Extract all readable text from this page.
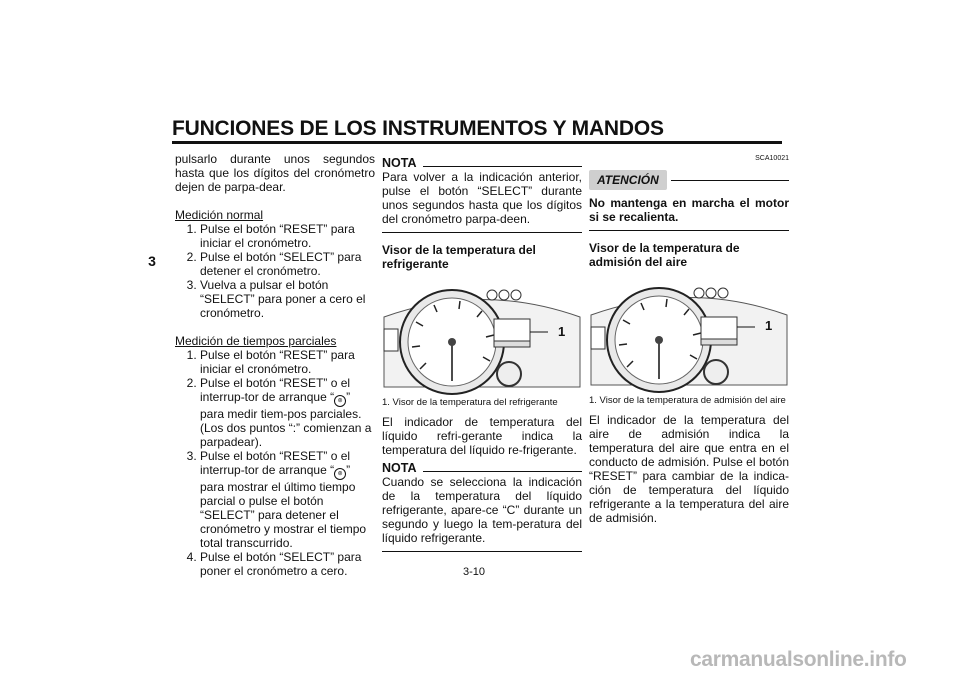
FUNCIONES DE LOS INSTRUMENTOS Y MANDOS
3

pulsarlo durante unos segundos hasta que los dígitos del cronómetro dejen de parpa-dear.

Medición normal

1. Pulse el botón “RESET” para iniciar el cronómetro.
2. Pulse el botón “SELECT” para detener el cronómetro.
3. Vuelva a pulsar el botón “SELECT” para poner a cero el cronómetro.

Medición de tiempos parciales

1. Pulse el botón “RESET” para iniciar el cronómetro.
2. Pulse el botón “RESET” o el interrup-tor de arranque “ ⊚ ” para medir tiem-pos parciales. (Los dos puntos “:” comienzan a parpadear).
3. Pulse el botón “RESET” o el interrup-tor de arranque “ ⊚ ” para mostrar el último tiempo parcial o pulse el botón “SELECT” para detener el cronómetro y mostrar el tiempo total transcurrido.
4. Pulse el botón “SELECT” para poner el cronómetro a cero.
NOTA

Para volver a la indicación anterior, pulse el botón “SELECT” durante unos segundos hasta que los dígitos del cronómetro parpa-deen.

Visor de la temperatura del refrigerante
1

1. Visor de la temperatura del refrigerante

El indicador de temperatura del líquido refri-gerante indica la temperatura del líquido re-frigerante.

NOTA

Cuando se selecciona la indicación de la temperatura del líquido refrigerante, apare-ce “C” durante un segundo y luego la tem-peratura del líquido refrigerante.

SCA10021
ATENCIÓN

No mantenga en marcha el motor si se recalienta.

Visor de la temperatura de admisión del aire
1

1. Visor de la temperatura de admisión del aire

El indicador de la temperatura del aire de admisión indica la temperatura del aire que entra en el conducto de admisión. Pulse el botón “RESET” para cambiar de la indica-ción de temperatura del líquido refrigerante a la temperatura del aire de admisión.

3-10
carmanualsonline.info
